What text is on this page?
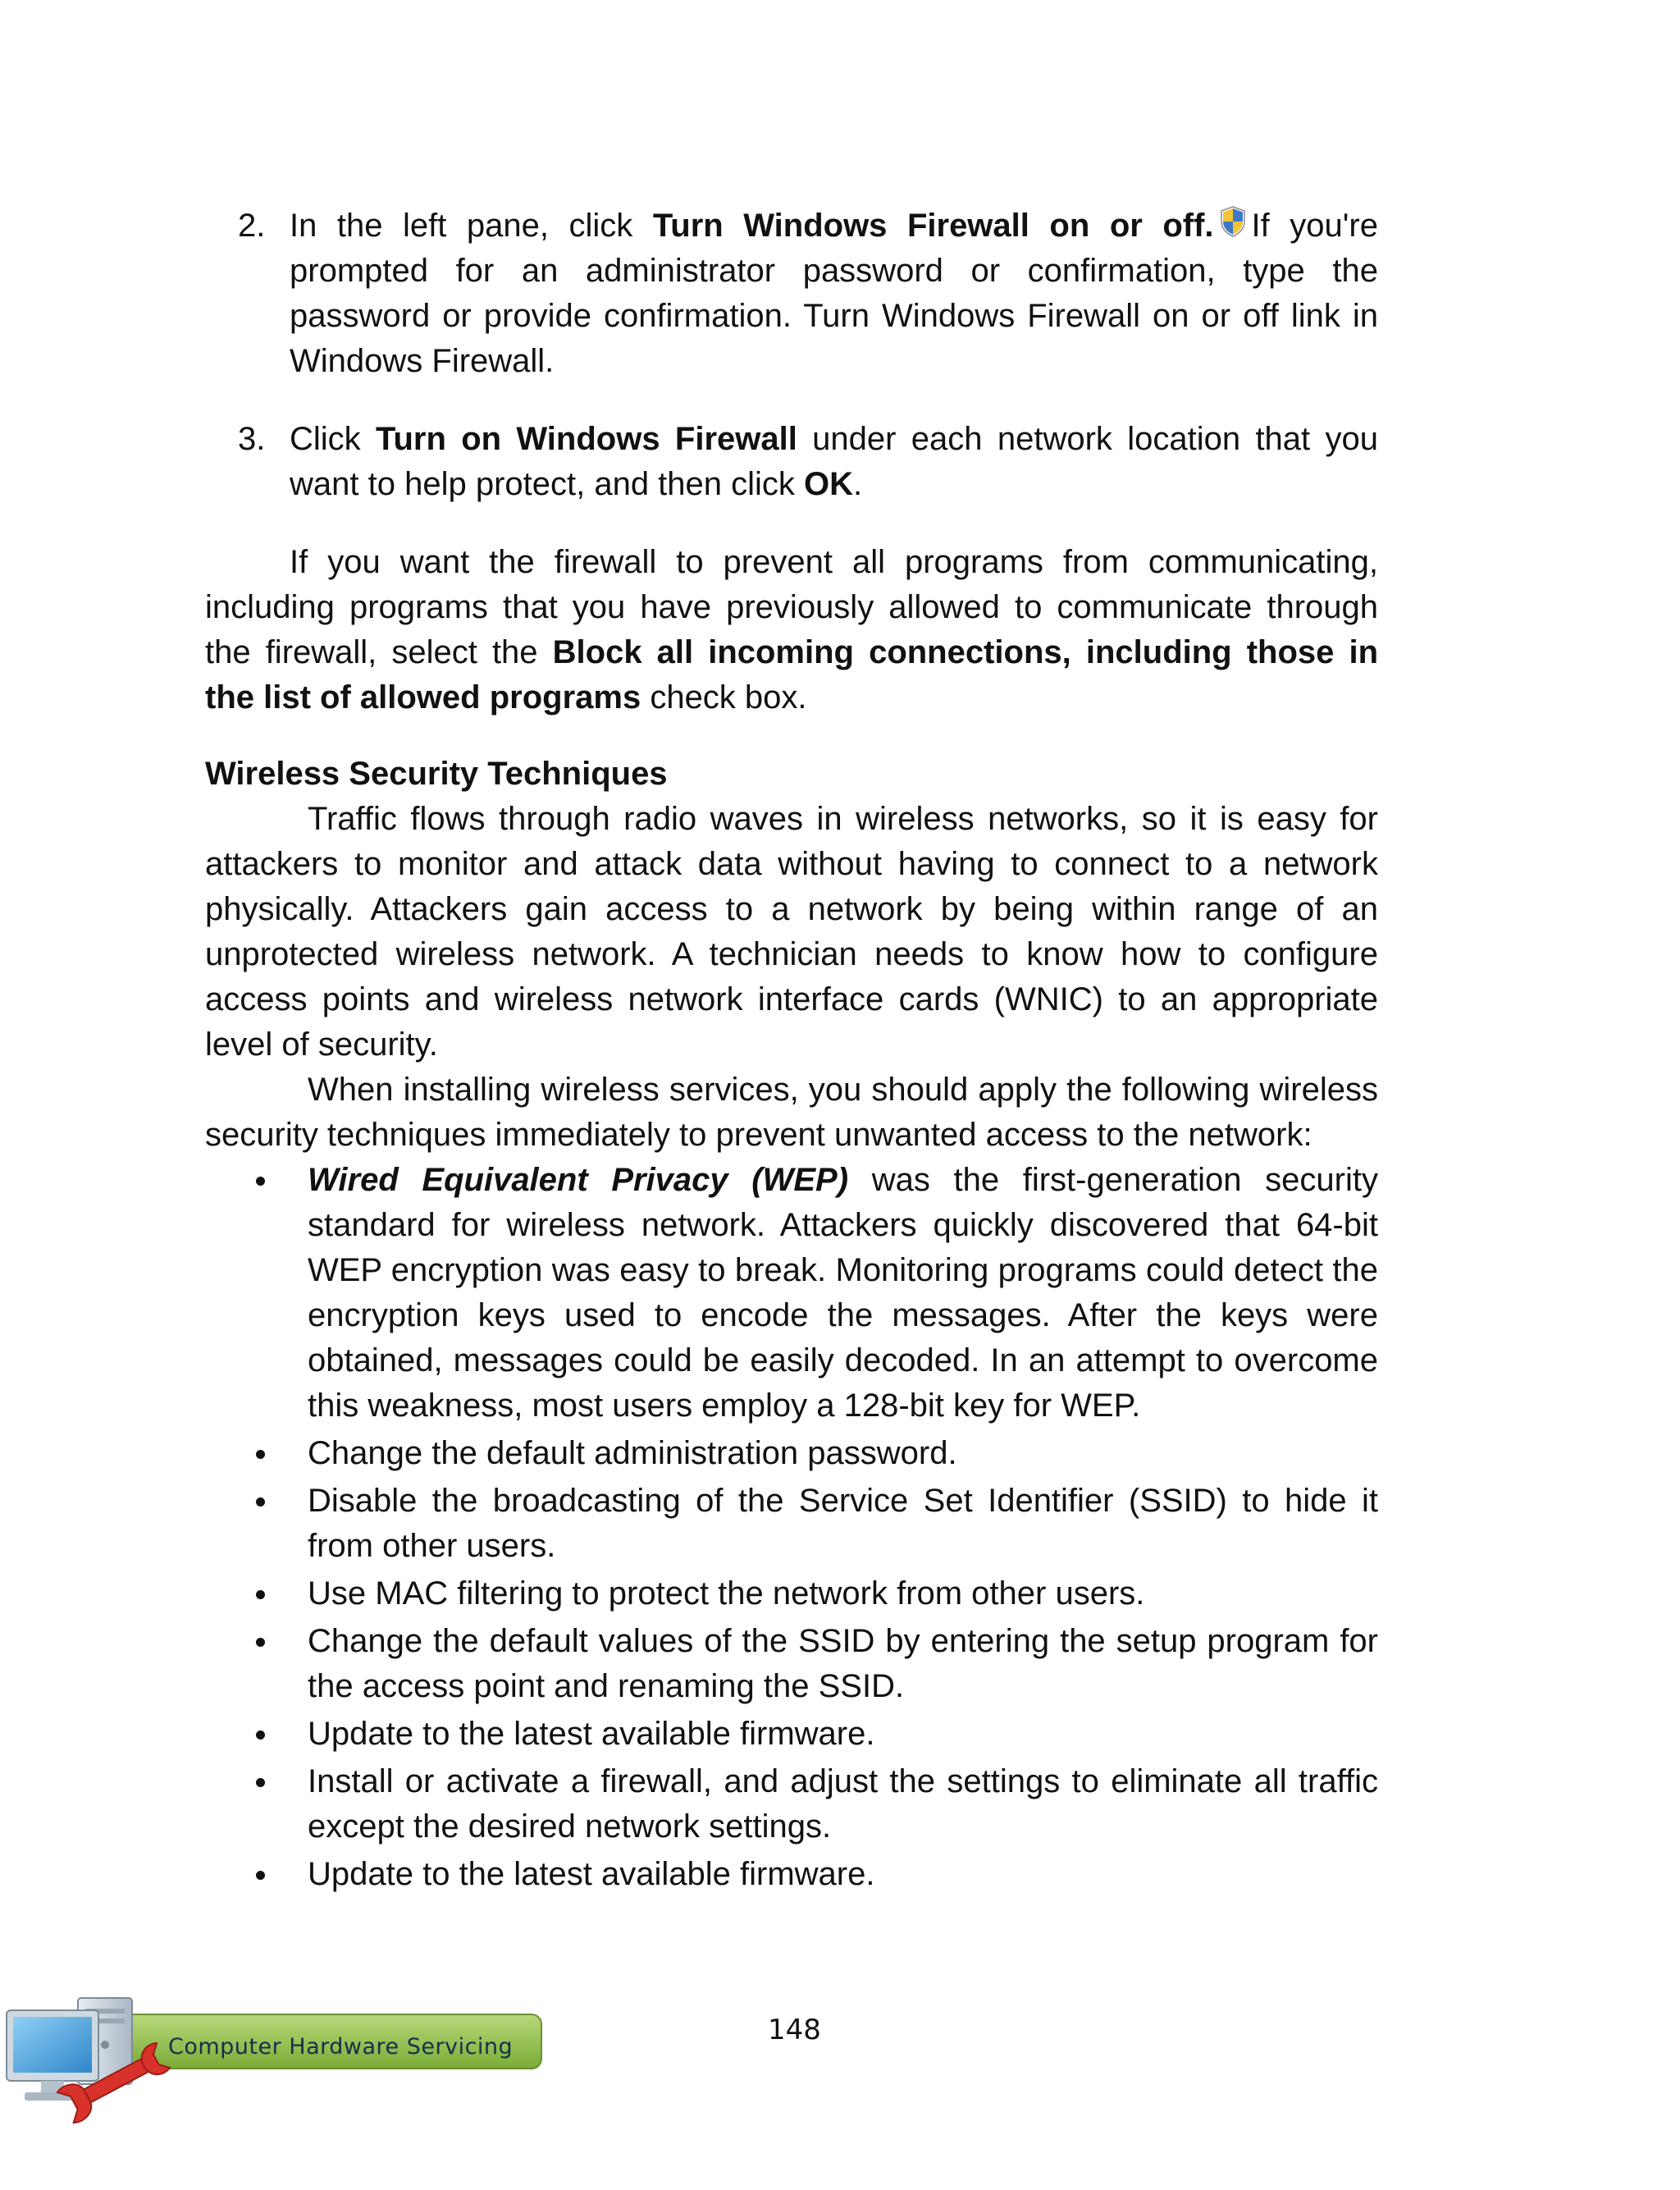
2. In the left pane, click Turn Windows Firewall on or off. If you're prompted for an administrator password or confirmation, type the password or provide confirmation. Turn Windows Firewall on or off link in Windows Firewall.

3. Click Turn on Windows Firewall under each network location that you want to help protect, and then click OK.

If you want the firewall to prevent all programs from communicating, including programs that you have previously allowed to communicate through the firewall, select the Block all incoming connections, including those in the list of allowed programs check box.

Wireless Security Techniques

Traffic flows through radio waves in wireless networks, so it is easy for attackers to monitor and attack data without having to connect to a network physically. Attackers gain access to a network by being within range of an unprotected wireless network. A technician needs to know how to configure access points and wireless network interface cards (WNIC) to an appropriate level of security.

When installing wireless services, you should apply the following wireless security techniques immediately to prevent unwanted access to the network:

Wired Equivalent Privacy (WEP) was the first-generation security standard for wireless network. Attackers quickly discovered that 64-bit WEP encryption was easy to break. Monitoring programs could detect the encryption keys used to encode the messages. After the keys were obtained, messages could be easily decoded. In an attempt to overcome this weakness, most users employ a 128-bit key for WEP.
Change the default administration password.
Disable the broadcasting of the Service Set Identifier (SSID) to hide it from other users.
Use MAC filtering to protect the network from other users.
Change the default values of the SSID by entering the setup program for the access point and renaming the SSID.
Update to the latest available firmware.
Install or activate a firewall, and adjust the settings to eliminate all traffic except the desired network settings.
Update to the latest available firmware.
Computer Hardware Servicing
148
